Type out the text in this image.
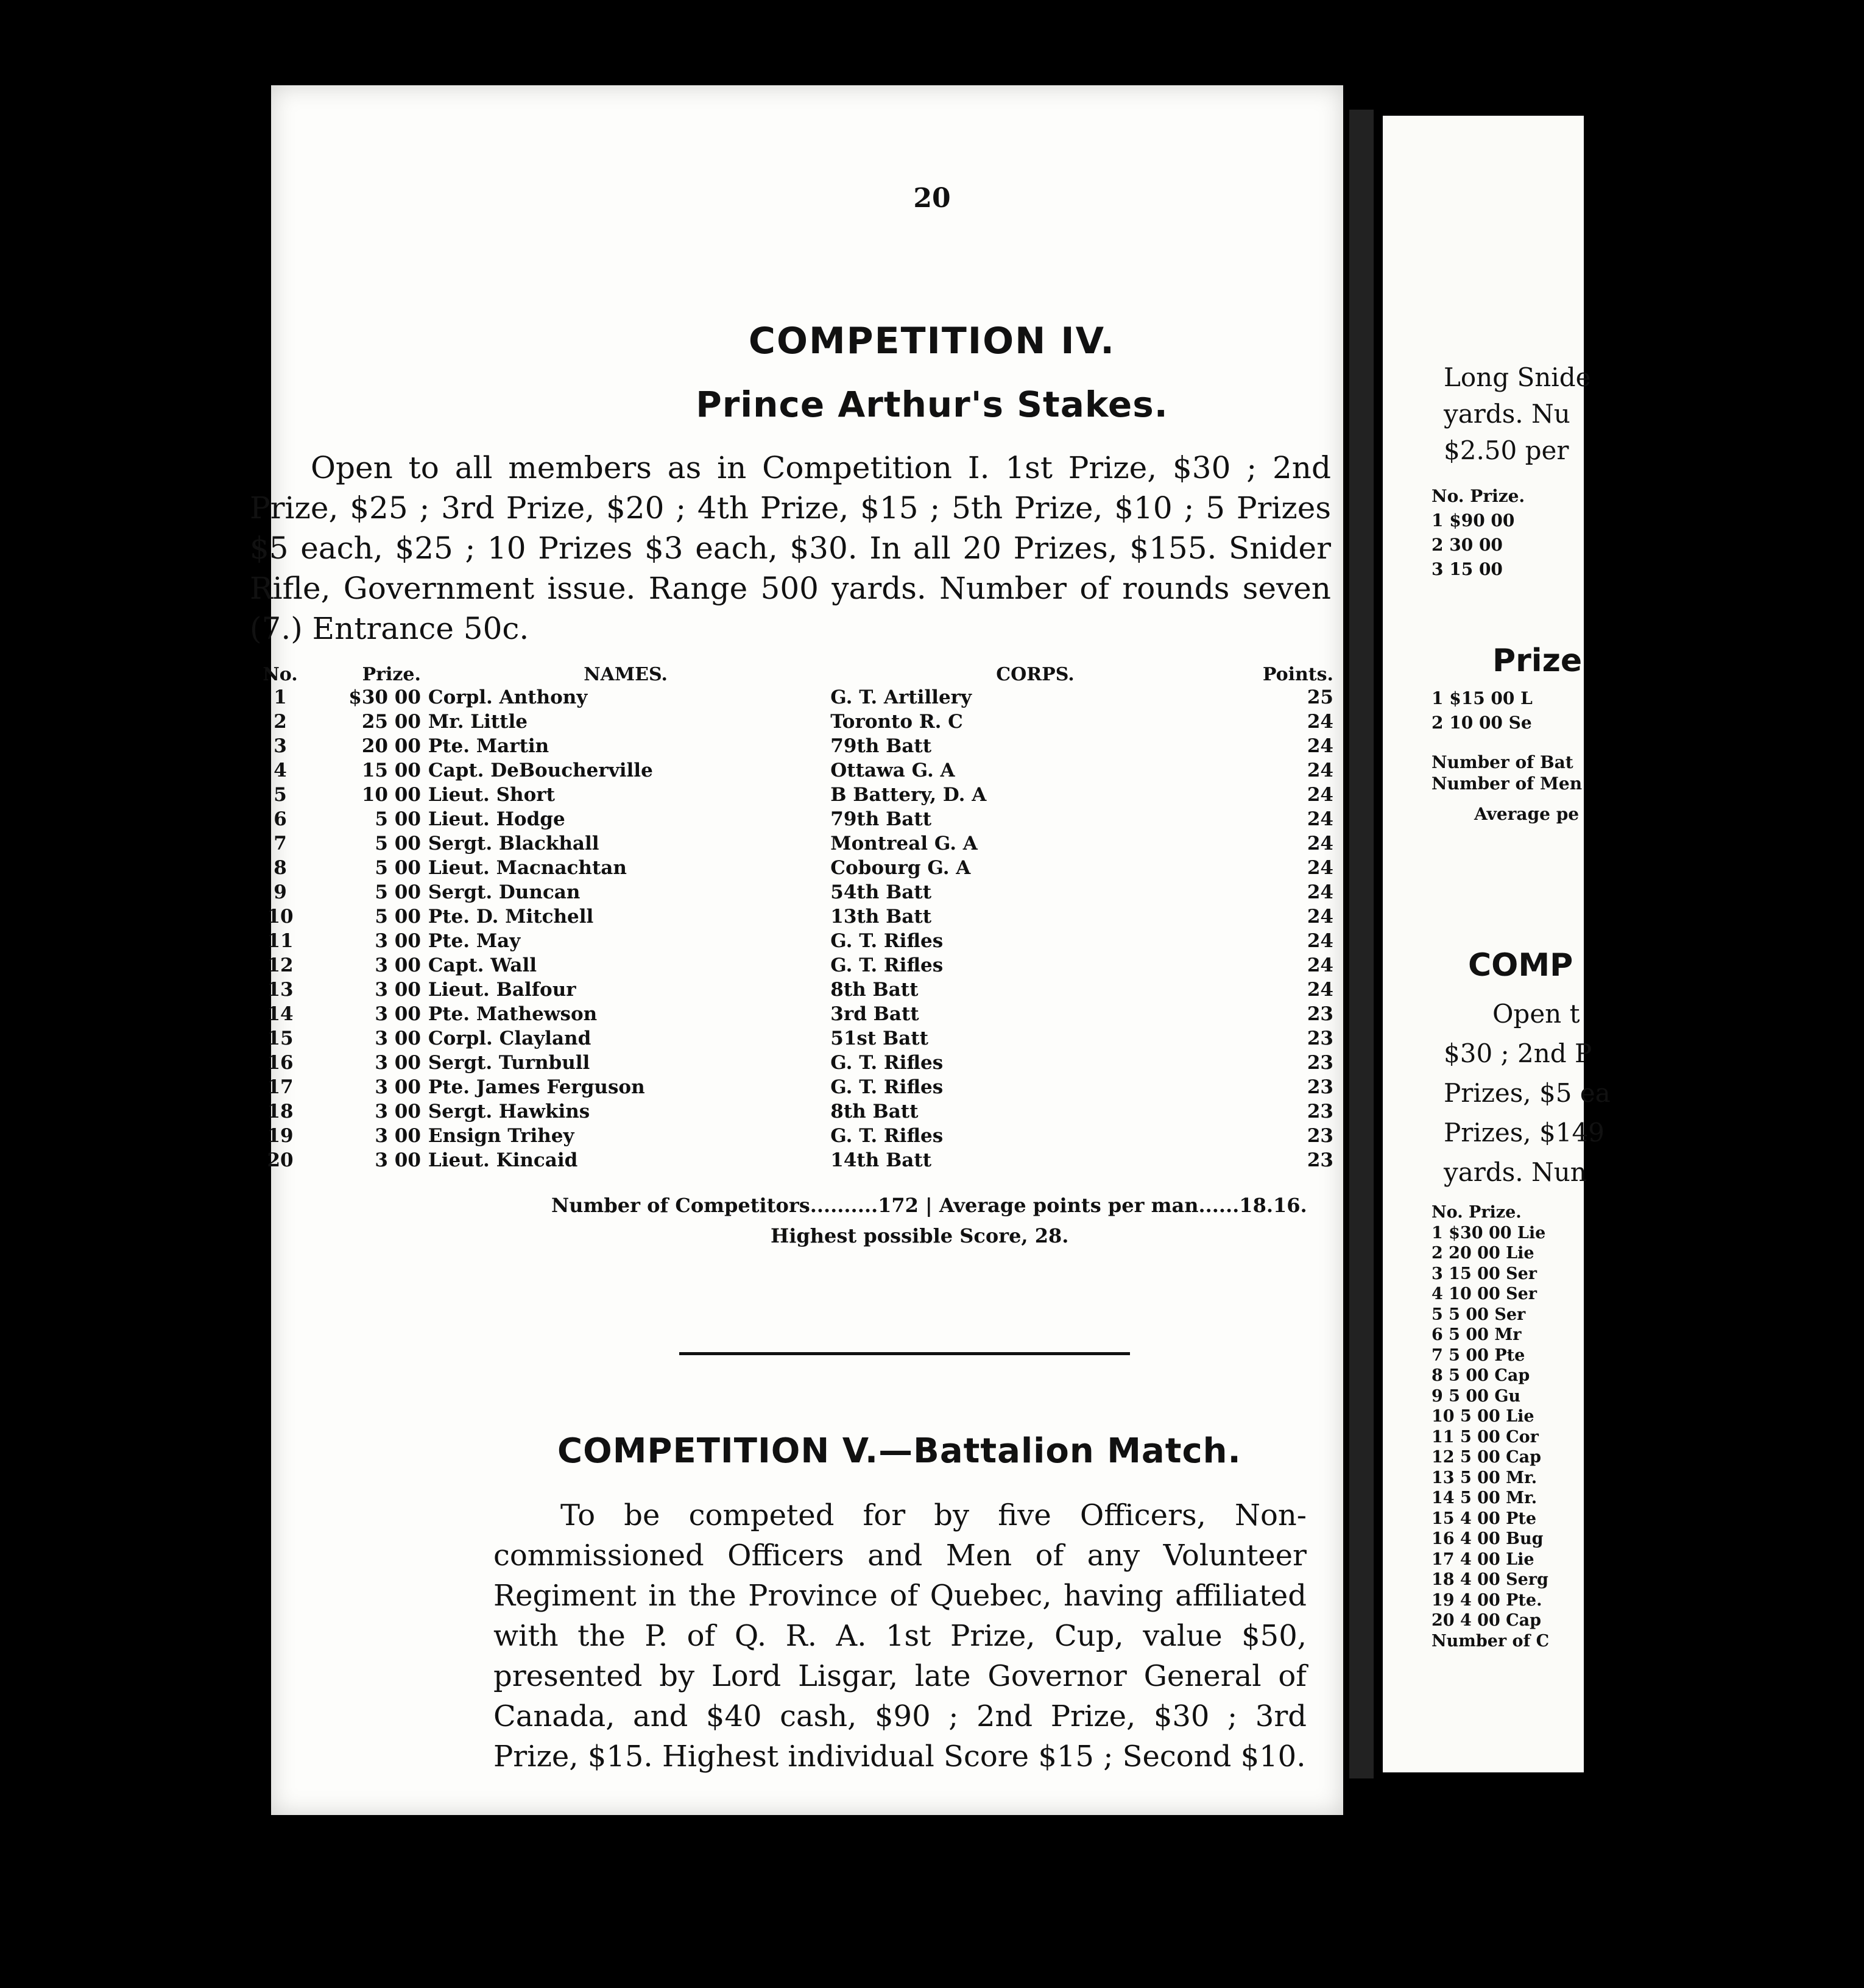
20
COMPETITION IV.
Prince Arthur's Stakes.
Open to all members as in Competition I. 1st Prize, $30 ; 2nd Prize, $25 ; 3rd Prize, $20 ; 4th Prize, $15 ; 5th Prize, $10 ; 5 Prizes $5 each, $25 ; 10 Prizes $3 each, $30. In all 20 Prizes, $155. Snider Rifle, Government issue. Range 500 yards. Number of rounds seven (7.) Entrance 50c.
No.	Prize.	NAMES.	CORPS.	Points.
1	$30 00	Corpl. Anthony	G. T. Artillery	25
2	25 00	Mr. Little	Toronto R. C	24
3	20 00	Pte. Martin	79th Batt	24
4	15 00	Capt. DeBoucherville	Ottawa G. A	24
5	10 00	Lieut. Short	B Battery, D. A	24
6	5 00	Lieut. Hodge	79th Batt	24
7	5 00	Sergt. Blackhall	Montreal G. A	24
8	5 00	Lieut. Macnachtan	Cobourg G. A	24
9	5 00	Sergt. Duncan	54th Batt	24
10	5 00	Pte. D. Mitchell	13th Batt	24
11	3 00	Pte. May	G. T. Rifles	24
12	3 00	Capt. Wall	G. T. Rifles	24
13	3 00	Lieut. Balfour	8th Batt	24
14	3 00	Pte. Mathewson	3rd Batt	23
15	3 00	Corpl. Clayland	51st Batt	23
16	3 00	Sergt. Turnbull	G. T. Rifles	23
17	3 00	Pte. James Ferguson	G. T. Rifles	23
18	3 00	Sergt. Hawkins	8th Batt	23
19	3 00	Ensign Trihey	G. T. Rifles	23
20	3 00	Lieut. Kincaid	14th Batt	23
Number of Competitors..........172 | Average points per man......18.16.
Highest possible Score, 28.
COMPETITION V.—Battalion Match.
To be competed for by five Officers, Non-commissioned Officers and Men of any Volunteer Regiment in the Province of Quebec, having affiliated with the P. of Q. R. A. 1st Prize, Cup, value $50, presented by Lord Lisgar, late Governor General of Canada, and $40 cash, $90 ; 2nd Prize, $30 ; 3rd Prize, $15. Highest individual Score $15 ; Second $10.
Long Snide
yards. Nu
$2.50 per
No. Prize.
1 $90 00
2 30 00
3 15 00
Prize
1 $15 00 L
2 10 00 Se
Number of Bat
Number of Men
Average pe
COMP
Open t
$30 ; 2nd P
Prizes, $5 ea
Prizes, $149
yards. Nun
No. Prize.
1 $30 00 Lie
2 20 00 Lie
3 15 00 Ser
4 10 00 Ser
5 5 00 Ser
6 5 00 Mr
7 5 00 Pte
8 5 00 Cap
9 5 00 Gu
10 5 00 Lie
11 5 00 Cor
12 5 00 Cap
13 5 00 Mr.
14 5 00 Mr.
15 4 00 Pte
16 4 00 Bug
17 4 00 Lie
18 4 00 Serg
19 4 00 Pte.
20 4 00 Cap
Number of C
